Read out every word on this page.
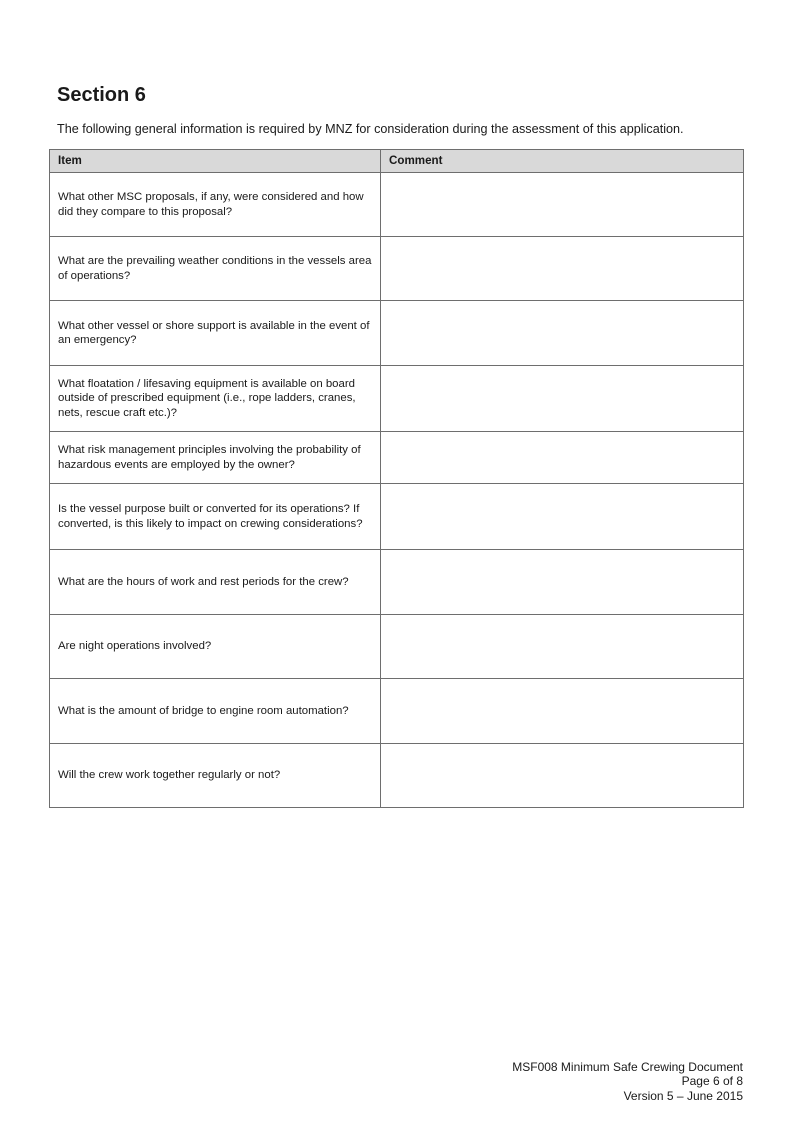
Section 6

The following general information is required by MNZ for consideration during the assessment of this application.

Item	Comment
What other MSC proposals, if any, were considered and how did they compare to this proposal?	
What are the prevailing weather conditions in the vessels area of operations?	
What other vessel or shore support is available in the event of an emergency?	
What floatation / lifesaving equipment is available on board outside of prescribed equipment (i.e., rope ladders, cranes, nets, rescue craft etc.)?	
What risk management principles involving the probability of hazardous events are employed by the owner?	
Is the vessel purpose built or converted for its operations? If converted, is this likely to impact on crewing considerations?	
What are the hours of work and rest periods for the crew?	
Are night operations involved?	
What is the amount of bridge to engine room automation?	
Will the crew work together regularly or not?	
MSF008 Minimum Safe Crewing Document
Page 6 of 8
Version 5 – June 2015
